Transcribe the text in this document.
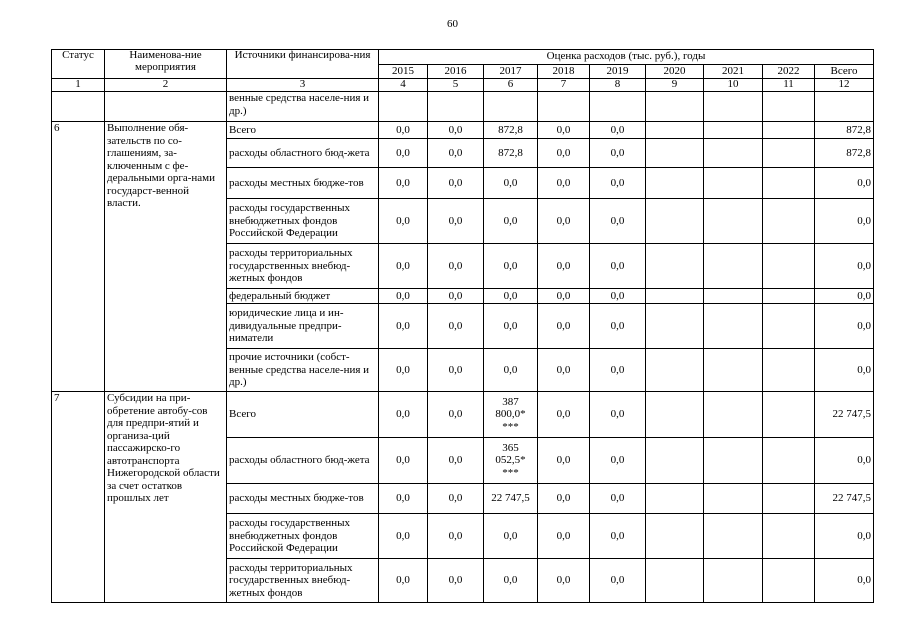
60
Статус	Наименова-ние мероприятия	Источники финансирова-ния	Оценка расходов (тыс. руб.), годы								
			2015	2016	2017	2018	2019	2020	2021	2022	Всего
1	2	3	4	5	6	7	8	9	10	11	12
		венные средства населе-ния и др.)									
6	Выполнение обя-зательств по со-глашениям, за-ключенным с фе-деральными орга-нами государст-венной власти.	Всего	0,0	0,0	872,8	0,0	0,0				872,8
		расходы областного бюд-жета	0,0	0,0	872,8	0,0	0,0				872,8
		расходы местных бюдже-тов	0,0	0,0	0,0	0,0	0,0				0,0
		расходы государственных внебюджетных фондов Российской Федерации	0,0	0,0	0,0	0,0	0,0				0,0
		расходы территориальных государственных внебюд-жетных фондов	0,0	0,0	0,0	0,0	0,0				0,0
		федеральный бюджет	0,0	0,0	0,0	0,0	0,0				0,0
		юридические лица и ин-дивидуальные предпри-ниматели	0,0	0,0	0,0	0,0	0,0				0,0
		прочие источники (собст-венные средства населе-ния и др.)	0,0	0,0	0,0	0,0	0,0				0,0
7	Субсидии на при-обретение автобу-сов для предпри-ятий и организа-ций пассажирско-го автотранспорта Нижегородской области за счет остатков прошлых лет	Всего	0,0	0,0	387 800,0* ***	0,0	0,0				22 747,5
		расходы областного бюд-жета	0,0	0,0	365 052,5* ***	0,0	0,0				0,0
		расходы местных бюдже-тов	0,0	0,0	22 747,5	0,0	0,0				22 747,5
		расходы государственных внебюджетных фондов Российской Федерации	0,0	0,0	0,0	0,0	0,0				0,0
		расходы территориальных государственных внебюд-жетных фондов	0,0	0,0	0,0	0,0	0,0				0,0
